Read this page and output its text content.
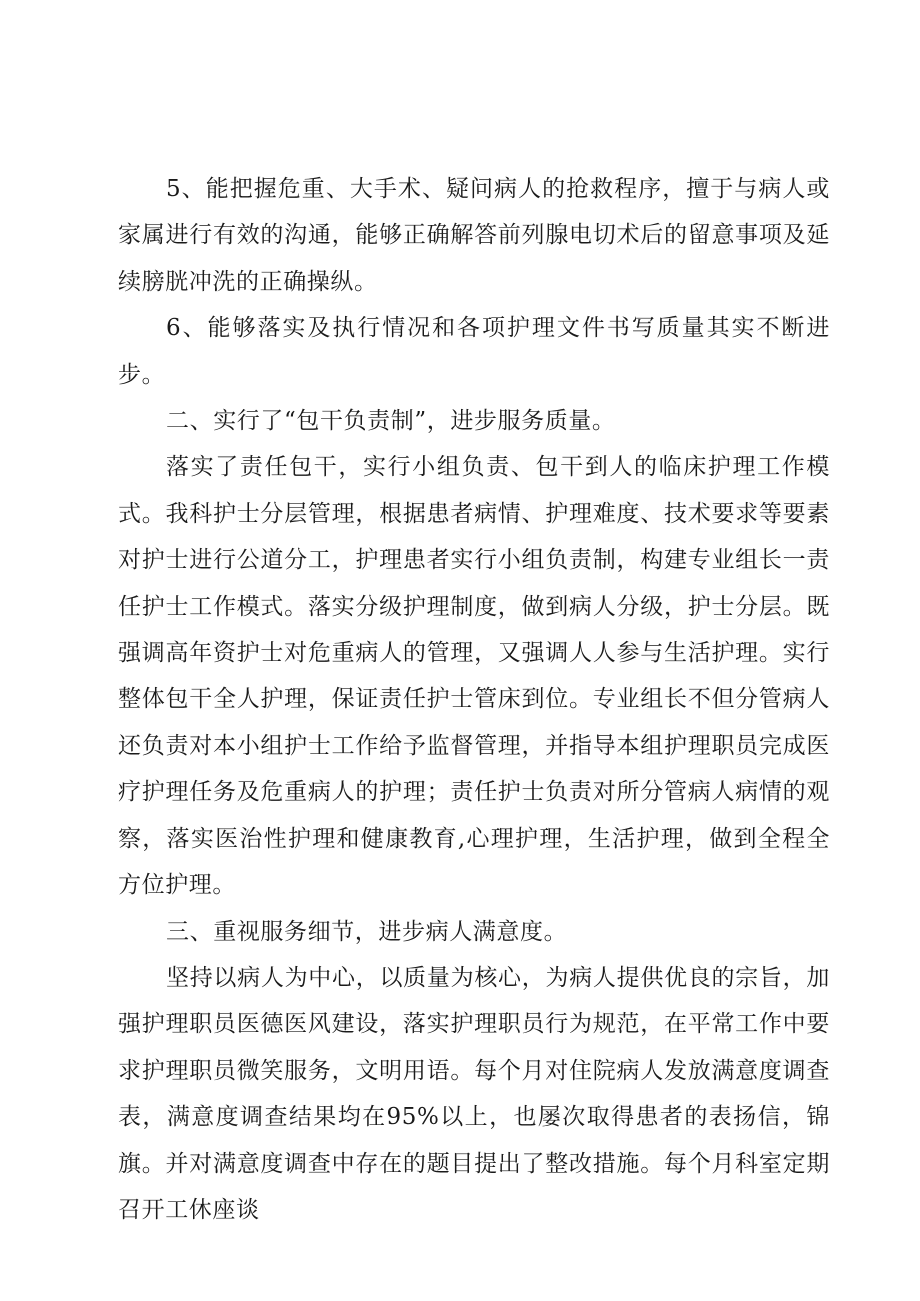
5、能把握危重、大手术、疑问病人的抢救程序，擅于与病人或家属进行有效的沟通，能够正确解答前列腺电切术后的留意事项及延续膀胱冲洗的正确操纵。

6、能够落实及执行情况和各项护理文件书写质量其实不断进步。

二、实行了“包干负责制”，进步服务质量。

落实了责任包干，实行小组负责、包干到人的临床护理工作模式。我科护士分层管理，根据患者病情、护理难度、技术要求等要素对护士进行公道分工，护理患者实行小组负责制，构建专业组长一责任护士工作模式。落实分级护理制度，做到病人分级，护士分层。既强调高年资护士对危重病人的管理，又强调人人参与生活护理。实行整体包干全人护理，保证责任护士管床到位。专业组长不但分管病人还负责对本小组护士工作给予监督管理，并指导本组护理职员完成医疗护理任务及危重病人的护理；责任护士负责对所分管病人病情的观察，落实医治性护理和健康教育,心理护理，生活护理，做到全程全方位护理。

三、重视服务细节，进步病人满意度。

坚持以病人为中心，以质量为核心，为病人提供优良的宗旨，加强护理职员医德医风建设，落实护理职员行为规范，在平常工作中要求护理职员微笑服务，文明用语。每个月对住院病人发放满意度调查表，满意度调查结果均在95%以上，也屡次取得患者的表扬信，锦旗。并对满意度调查中存在的题目提出了整改措施。每个月科室定期召开工休座谈
